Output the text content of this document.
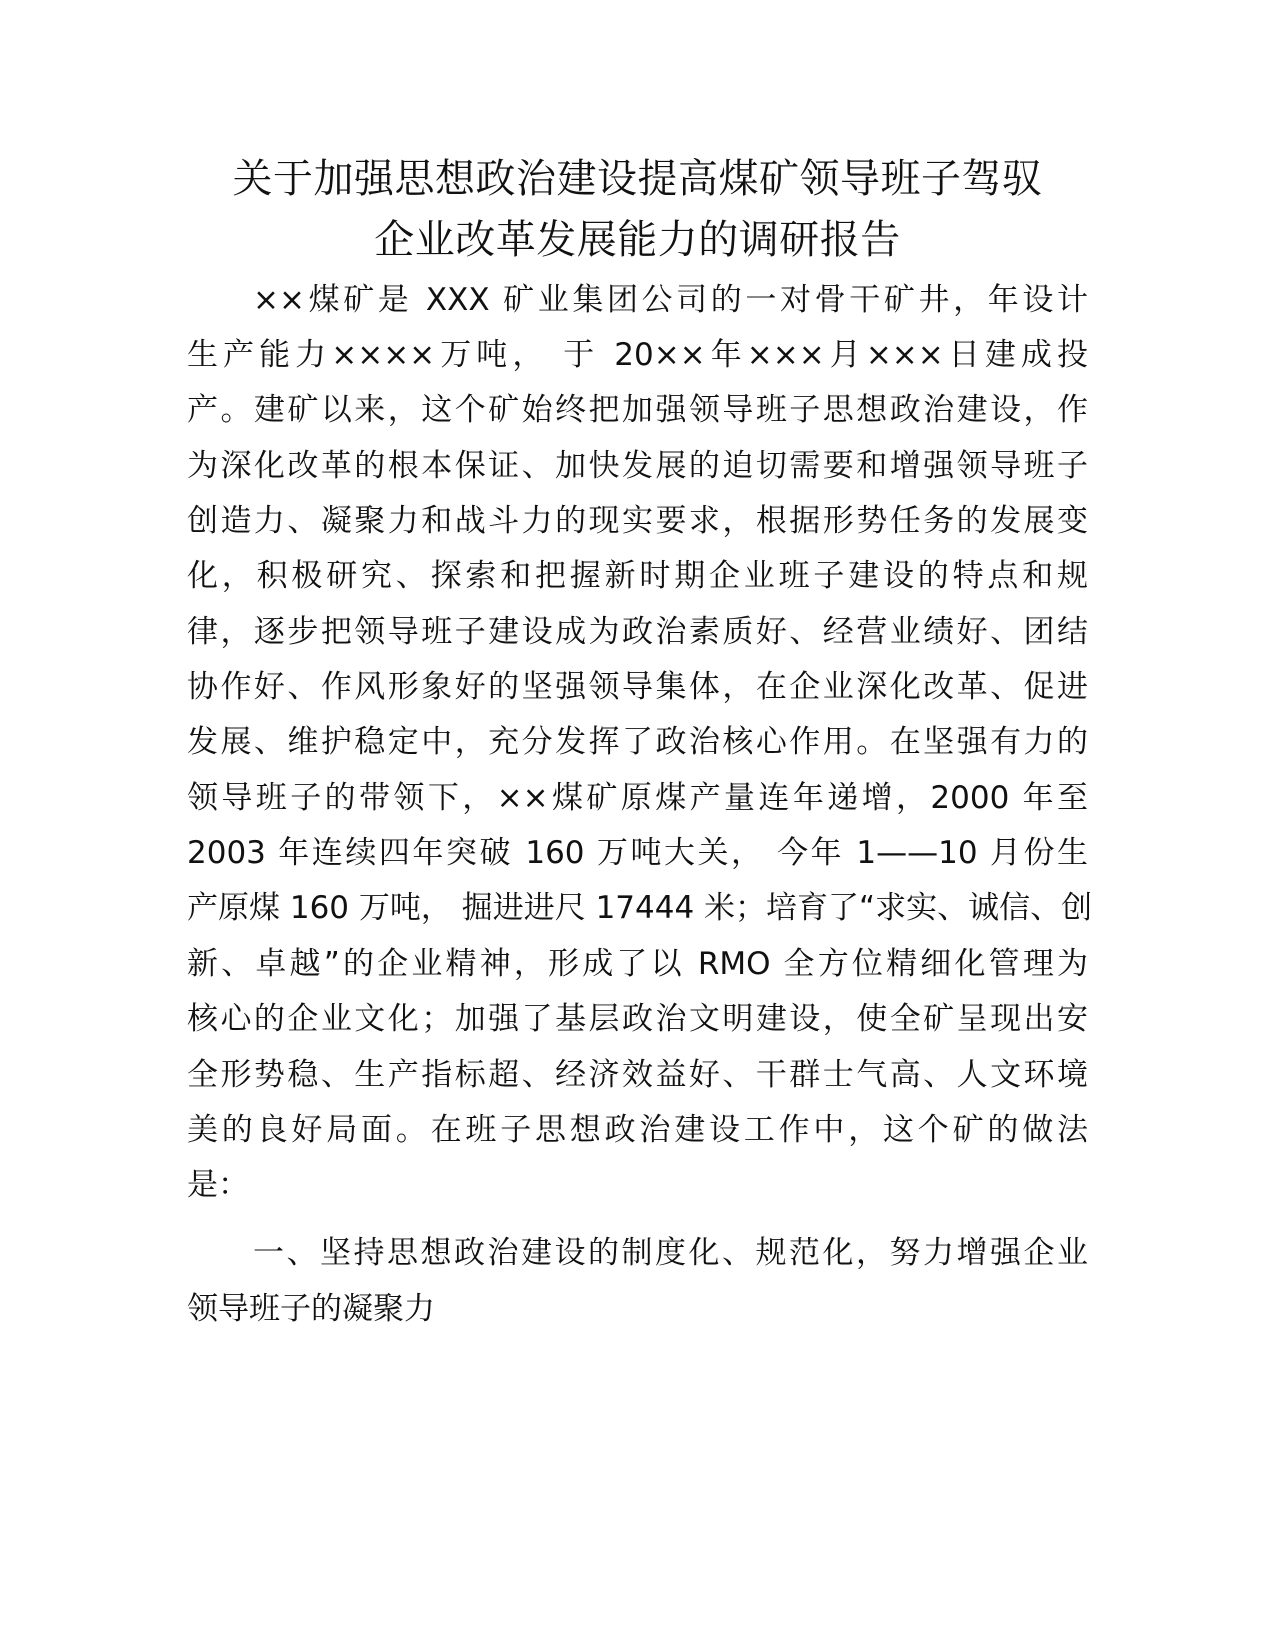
关于加强思想政治建设提高煤矿领导班子驾驭
企业改革发展能力的调研报告
××煤矿是 XXX 矿业集团公司的一对骨干矿井，年设计
生产能力××××万吨， 于 20××年×××月×××日建成投
产。建矿以来，这个矿始终把加强领导班子思想政治建设，作
为深化改革的根本保证、加快发展的迫切需要和增强领导班子
创造力、凝聚力和战斗力的现实要求，根据形势任务的发展变
化，积极研究、探索和把握新时期企业班子建设的特点和规
律，逐步把领导班子建设成为政治素质好、经营业绩好、团结
协作好、作风形象好的坚强领导集体，在企业深化改革、促进
发展、维护稳定中，充分发挥了政治核心作用。在坚强有力的
领导班子的带领下，××煤矿原煤产量连年递增，2000 年至
2003 年连续四年突破 160 万吨大关， 今年 1——10 月份生
产原煤 160 万吨， 掘进进尺 17444 米；培育了“求实、诚信、创
新、卓越”的企业精神，形成了以 RMO 全方位精细化管理为
核心的企业文化；加强了基层政治文明建设，使全矿呈现出安
全形势稳、生产指标超、经济效益好、干群士气高、人文环境
美的良好局面。在班子思想政治建设工作中，这个矿的做法
是：
一、坚持思想政治建设的制度化、规范化，努力增强企业
领导班子的凝聚力
